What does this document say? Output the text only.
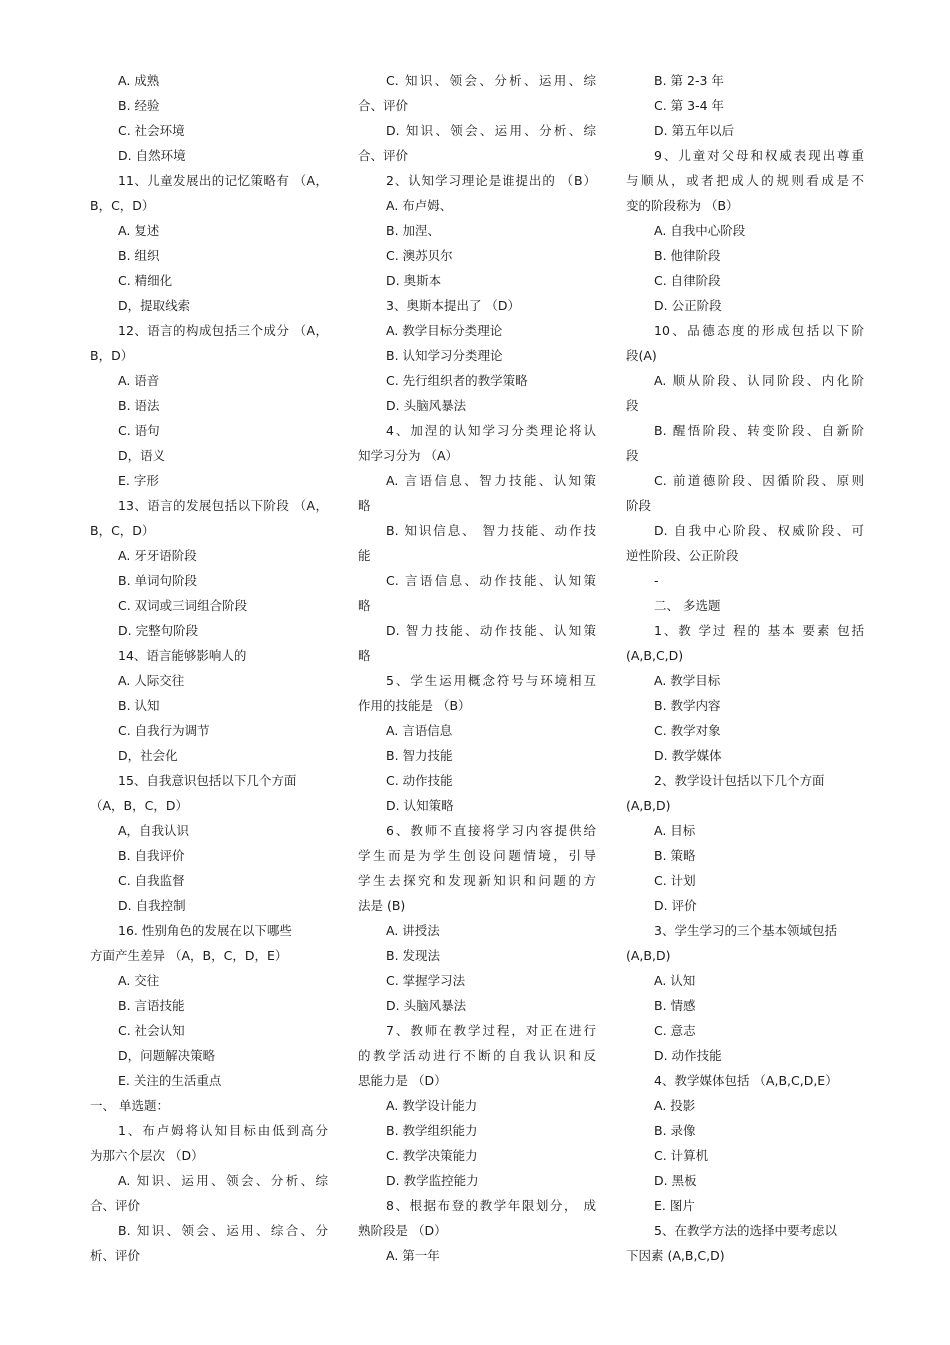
A. 成熟
B. 经验
C. 社会环境
D. 自然环境
11、儿童发展出的记忆策略有 （A，
B，C，D）
A. 复述
B. 组织
C. 精细化
D，提取线索
12、语言的构成包括三个成分 （A，
B，D）
A. 语音
B. 语法
C. 语句
D，语义
E. 字形
13、语言的发展包括以下阶段 （A，
B，C，D）
A. 牙牙语阶段
B. 单词句阶段
C. 双词或三词组合阶段
D. 完整句阶段
14、语言能够影响人的
A. 人际交往
B. 认知
C. 自我行为调节
D，社会化
15、自我意识包括以下几个方面
（A，B，C，D）
A，自我认识
B. 自我评价
C. 自我监督
D. 自我控制
16. 性别角色的发展在以下哪些
方面产生差异 （A，B，C，D，E）
A. 交往
B. 言语技能
C. 社会认知
D，问题解决策略
E. 关注的生活重点
一、 单选题：
1、布卢姆将认知目标由低到高分
为那六个层次 （D）
A. 知识、运用、领会、分析、综
合、评价
B. 知识、领会、运用、综合、分
析、评价
C. 知识、领会、分析、运用、综
合、评价
D. 知识、领会、运用、分析、综
合、评价
2、认知学习理论是谁提出的 （B）
A. 布卢姆、
B. 加涅、
C. 澳苏贝尔
D. 奥斯本
3、奥斯本提出了 （D）
A. 教学目标分类理论
B. 认知学习分类理论
C. 先行组织者的教学策略
D. 头脑风暴法
4、加涅的认知学习分类理论将认
知学习分为 （A）
A. 言语信息、智力技能、认知策
略
B. 知识信息、 智力技能、动作技
能
C. 言语信息、动作技能、认知策
略
D. 智力技能、动作技能、认知策
略
5、学生运用概念符号与环境相互
作用的技能是 （B）
A. 言语信息
B. 智力技能
C. 动作技能
D. 认知策略
6、教师不直接将学习内容提供给
学生而是为学生创设问题情境，引导
学生去探究和发现新知识和问题的方
法是 (B)
A. 讲授法
B. 发现法
C. 掌握学习法
D. 头脑风暴法
7、教师在教学过程，对正在进行
的教学活动进行不断的自我认识和反
思能力是 （D）
A. 教学设计能力
B. 教学组织能力
C. 教学决策能力
D. 教学监控能力
8、根据布登的教学年限划分， 成
熟阶段是 （D）
A. 第一年
B. 第 2-3 年
C. 第 3-4 年
D. 第五年以后
9、儿童对父母和权威表现出尊重
与顺从，或者把成人的规则看成是不
变的阶段称为 （B）
A. 自我中心阶段
B. 他律阶段
C. 自律阶段
D. 公正阶段
10、品德态度的形成包括以下阶
段(A)
A. 顺从阶段、认同阶段、内化阶
段
B. 醒悟阶段、转变阶段、自新阶
段
C. 前道德阶段、因循阶段、原则
阶段
D. 自我中心阶段、权威阶段、可
逆性阶段、公正阶段
-
二、 多选题
1、教 学过 程的 基本 要素 包括
(A,B,C,D)
A. 教学目标
B. 教学内容
C. 教学对象
D. 教学媒体
2、教学设计包括以下几个方面
(A,B,D)
A. 目标
B. 策略
C. 计划
D. 评价
3、学生学习的三个基本领域包括
(A,B,D)
A. 认知
B. 情感
C. 意志
D. 动作技能
4、教学媒体包括 （A,B,C,D,E）
A. 投影
B. 录像
C. 计算机
D. 黑板
E. 图片
5、在教学方法的选择中要考虑以
下因素 (A,B,C,D)
